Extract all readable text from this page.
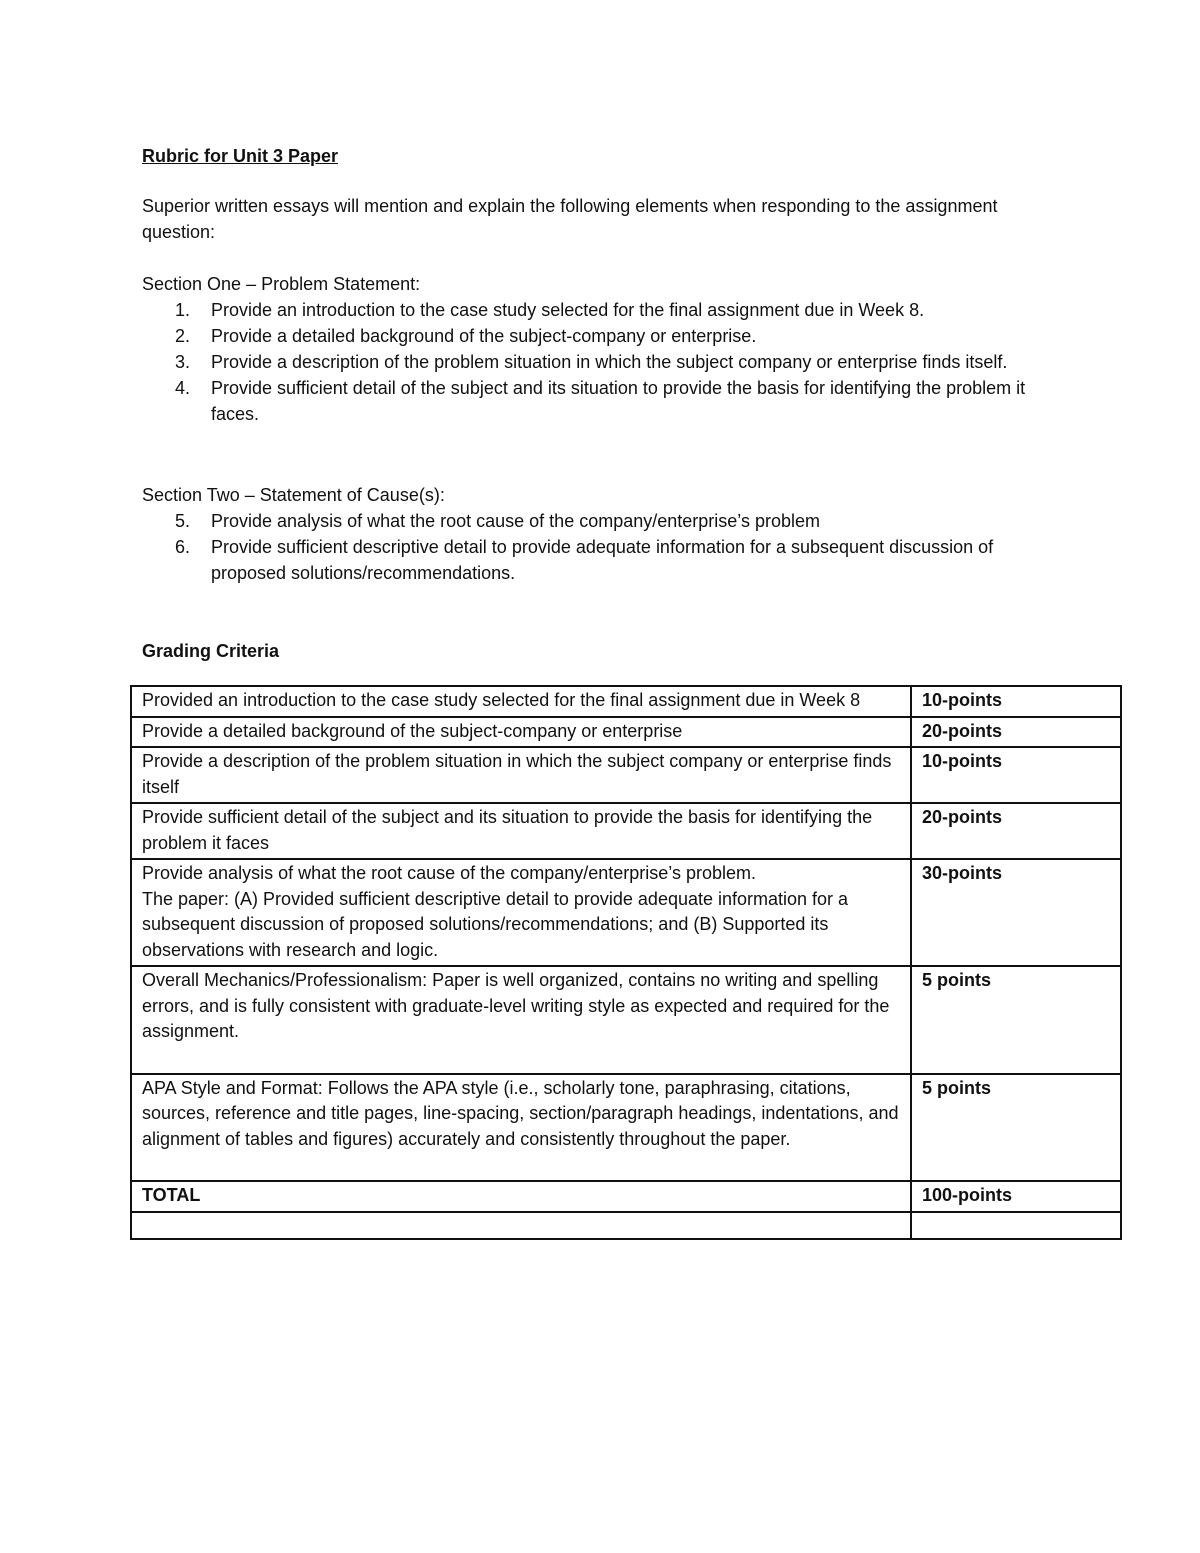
Rubric for Unit 3 Paper

Superior written essays will mention and explain the following elements when responding to the assignment question:

Section One – Problem Statement:

1. Provide an introduction to the case study selected for the final assignment due in Week 8.
2. Provide a detailed background of the subject-company or enterprise.
3. Provide a description of the problem situation in which the subject company or enterprise finds itself.
4. Provide sufficient detail of the subject and its situation to provide the basis for identifying the problem it faces.

Section Two – Statement of Cause(s):

5. Provide analysis of what the root cause of the company/enterprise’s problem
6. Provide sufficient descriptive detail to provide adequate information for a subsequent discussion of proposed solutions/recommendations.

Grading Criteria

Provided an introduction to the case study selected for the final assignment due in Week 8	10-points
Provide a detailed background of the subject-company or enterprise	20-points
Provide a description of the problem situation in which the subject company or enterprise finds itself	10-points
Provide sufficient detail of the subject and its situation to provide the basis for identifying the problem it faces	20-points

Provide analysis of what the root cause of the company/enterprise’s problem.
The paper: (A) Provided sufficient descriptive detail to provide adequate information for a subsequent discussion of proposed solutions/recommendations; and (B) Supported its observations with research and logic.	30-points
Overall Mechanics/Professionalism: Paper is well organized, contains no writing and spelling errors, and is fully consistent with graduate-level writing style as expected and required for the assignment.	5 points
APA Style and Format: Follows the APA style (i.e., scholarly tone, paraphrasing, citations, sources, reference and title pages, line-spacing, section/paragraph headings, indentations, and alignment of tables and figures) accurately and consistently throughout the paper.	5 points
TOTAL	100-points
